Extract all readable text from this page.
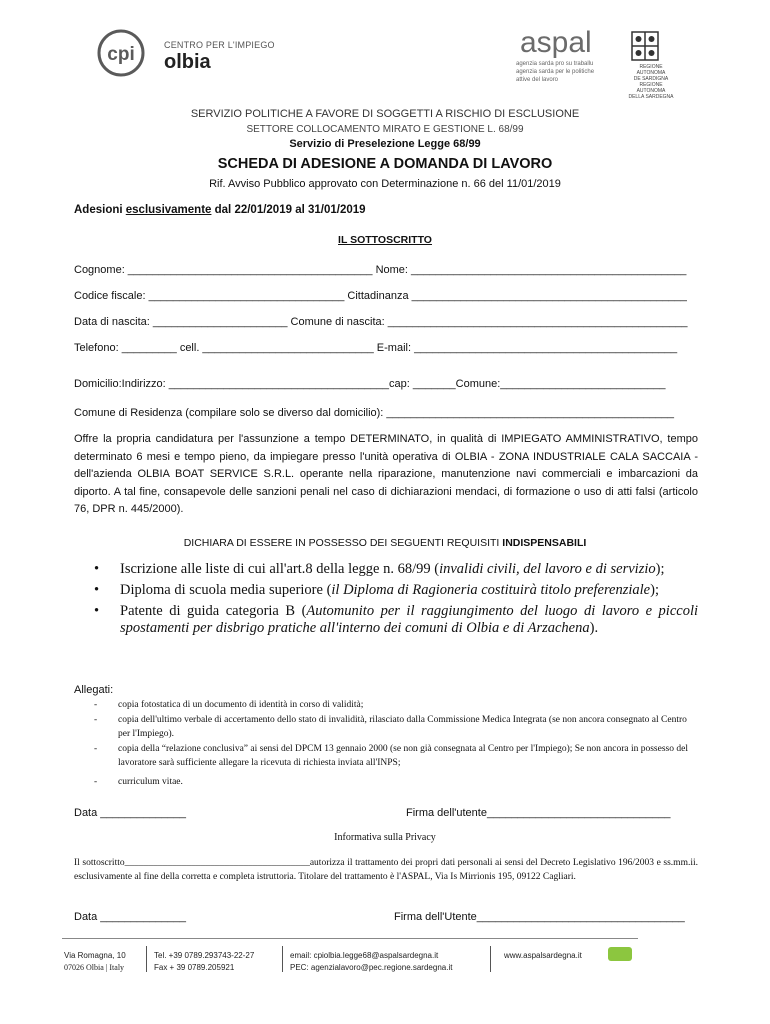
cpi	CENTRO PER L'IMPIEGO
olbia
aspal
agenzia sarda pro su traballu
agenzia sarda per le politiche
attive del lavoro
REGIONE AUTONOMA
DE SARDIGNA
REGIONE AUTONOMA
DELLA SARDEGNA
SERVIZIO POLITICHE A FAVORE DI SOGGETTI A RISCHIO DI ESCLUSIONE
SETTORE COLLOCAMENTO MIRATO E GESTIONE L. 68/99
Servizio di Preselezione Legge 68/99
SCHEDA DI ADESIONE A DOMANDA DI LAVORO
Rif. Avviso Pubblico approvato con Determinazione n. 66 del 11/01/2019
Adesioni esclusivamente dal 22/01/2019 al 31/01/2019
IL SOTTOSCRITTO
Cognome: ________________________________________ Nome: _____________________________________________
Codice fiscale: ________________________________ Cittadinanza _____________________________________________
Data di nascita: ______________________ Comune di nascita: _________________________________________________
Telefono: _________ cell. ____________________________ E-mail: ___________________________________________
Domicilio:Indirizzo: ____________________________________cap: _______Comune:___________________________
Comune di Residenza (compilare solo se diverso dal domicilio): _______________________________________________
Offre la propria candidatura per l'assunzione a tempo DETERMINATO, in qualità di IMPIEGATO AMMINISTRATIVO, tempo determinato 6 mesi e tempo pieno, da impiegare presso l'unità operativa di OLBIA - ZONA INDUSTRIALE CALA SACCAIA - dell'azienda OLBIA BOAT SERVICE S.R.L. operante nella riparazione, manutenzione navi commerciali e imbarcazioni da diporto. A tal fine, consapevole delle sanzioni penali nel caso di dichiarazioni mendaci, di formazione o uso di atti falsi (articolo 76, DPR n. 445/2000).
DICHIARA DI ESSERE IN POSSESSO DEI SEGUENTI REQUISITI INDISPENSABILI
• Iscrizione alle liste di cui all'art.8 della legge n. 68/99 (invalidi civili, del lavoro e di servizio);
• Diploma di scuola media superiore (il Diploma di Ragioneria costituirà titolo preferenziale);
• Patente di guida categoria B (Automunito per il raggiungimento del luogo di lavoro e piccoli spostamenti per disbrigo pratiche all'interno dei comuni di Olbia e di Arzachena).
Allegati:
- copia fotostatica di un documento di identità in corso di validità;
- copia dell'ultimo verbale di accertamento dello stato di invalidità, rilasciato dalla Commissione Medica Integrata (se non ancora consegnato al Centro per l'Impiego).
- copia della “relazione conclusiva” ai sensi del DPCM 13 gennaio 2000 (se non già consegnata al Centro per l'Impiego); Se non ancora in possesso del lavoratore sarà sufficiente allegare la ricevuta di richiesta inviata all'INPS;
- curriculum vitae.
Data ______________	Firma dell'utente______________________________
Informativa sulla Privacy
Il sottoscritto_______________________________________autorizza il trattamento dei propri dati personali ai sensi del Decreto Legislativo 196/2003 e ss.mm.ii. esclusivamente al fine della corretta e completa istruttoria. Titolare del trattamento è l'ASPAL, Via Is Mirrionis 195, 09122 Cagliari.
Data ______________	Firma dell'Utente__________________________________
Via Romagna, 10
07026 Olbia | Italy
Tel. +39 0789.293743-22-27
Fax + 39 0789.205921
email: cpiolbia.legge68@aspalsardegna.it
PEC: agenzialavoro@pec.regione.sardegna.it
www.aspalsardegna.it
